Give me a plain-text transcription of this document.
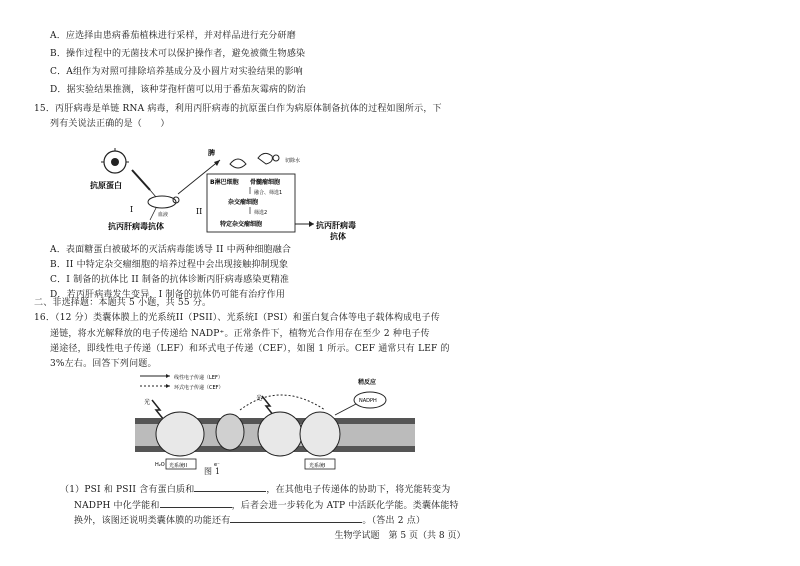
A．应选择由患病番茄植株进行采样，并对样品进行充分研磨
B．操作过程中的无菌技术可以保护操作者，避免被微生物感染
C．A组作为对照可排除培养基成分及小圆片对实验结果的影响
D．据实验结果推测，该种芽孢杆菌可以用于番茄灰霉病的防治
15．丙肝病毒是单链 RNA 病毒，利用丙肝病毒的抗原蛋白作为病原体制备抗体的过程如图所示，下
列有关说法正确的是（　　）
抗原蛋白
I
血液
抗丙肝病毒抗体
II
脾
切除水
B淋巴细胞 骨髓瘤细胞
融合、筛选1
杂交瘤细胞
筛选2
特定杂交瘤细胞	抗丙肝病毒
抗体
A．表面糖蛋白被破坏的灭活病毒能诱导 II 中两种细胞融合
B．II 中特定杂交瘤细胞的培养过程中会出现接触抑制现象
C．I 制备的抗体比 II 制备的抗体诊断丙肝病毒感染更精准
D．若丙肝病毒发生变异，I 制备的抗体仍可能有治疗作用
二、非选择题：本题共 5 小题，共 55 分。
16．（12 分）类囊体膜上的光系统II（PSII）、光系统I（PSI）和蛋白复合体等电子载体构成电子传
递链，将水光解释放的电子传递给 NADP⁺。正常条件下，植物光合作用存在至少 2 种电子传
递途径，即线性电子传递（LEF）和环式电子传递（CEF），如图 1 所示。CEF 通常只有 LEF 的
3%左右。回答下列问题。
线性电子传递（LEF）
环式电子传递（CEF）
光
光	NADPH
稍反应
H₂O 光系统II	光系统I
e⁻
图 1
（1）PSI 和 PSII 含有蛋白质和	，在其他电子传递体的协助下，将光能转变为
NADPH 中化学能和	，后者会进一步转化为 ATP 中活跃化学能。类囊体能特
换外，该图还说明类囊体膜的功能还有	。（答出 2 点）
生物学试题　第 5 页（共 8 页）
